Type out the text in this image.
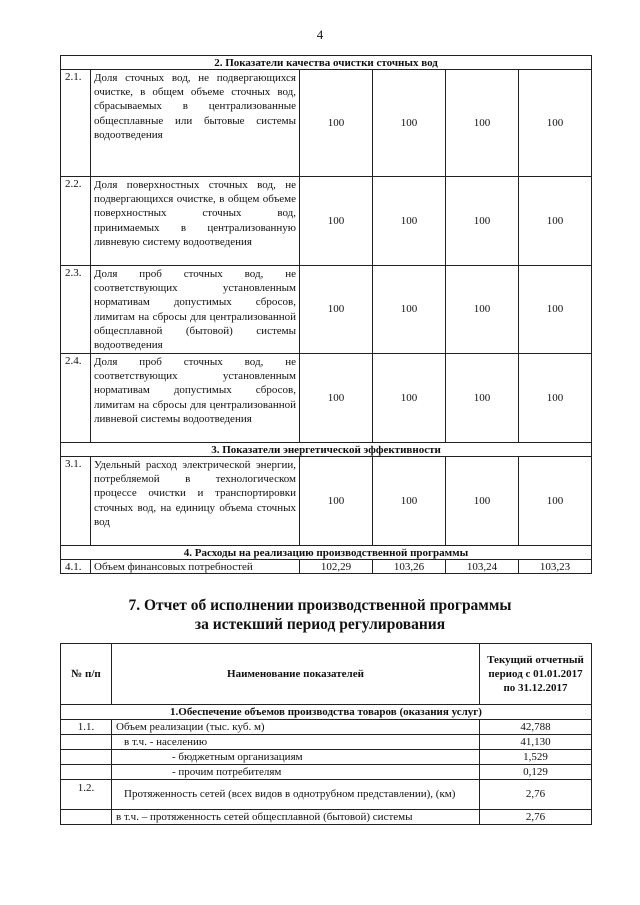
4
2. Показатели качества очистки сточных вод					
2.1.	Доля сточных вод, не подвергающихся очистке, в общем объеме сточных вод, сбрасываемых в централизованные общесплавные или бытовые системы водоотведения	100	100	100	100
2.2.	Доля поверхностных сточных вод, не подвергающихся очистке, в общем объеме поверхностных сточных вод, принимаемых в централизованную ливневую систему водоотведения	100	100	100	100
2.3.	Доля проб сточных вод, не соответствующих установленным нормативам допустимых сбросов, лимитам на сбросы для централизованной общесплавной (бытовой) системы водоотведения	100	100	100	100
2.4.	Доля проб сточных вод, не соответствующих установленным нормативам допустимых сбросов, лимитам на сбросы для централизованной ливневой системы водоотведения	100	100	100	100
3. Показатели энергетической эффективности					
3.1.	Удельный расход электрической энергии, потребляемой в технологическом процессе очистки и транспортировки сточных вод, на единицу объема сточных вод	100	100	100	100
4. Расходы на реализацию производственной программы					
4.1.	Объем финансовых потребностей	102,29	103,26	103,24	103,23
7. Отчет об исполнении производственной программы
за истекший период регулирования
№ п/п	Наименование показателей	Текущий отчетный период с 01.01.2017 по 31.12.2017
1.Обеспечение объемов производства товаров (оказания услуг)		
1.1.	Объем реализации (тыс. куб. м)	42,788
	в т.ч. - населению	41,130
	- бюджетным организациям	1,529
	- прочим потребителям	0,129
1.2.	Протяженность сетей (всех видов в однотрубном представлении), (км)	2,76
	в т.ч. – протяженность сетей общесплавной (бытовой) системы	2,76
